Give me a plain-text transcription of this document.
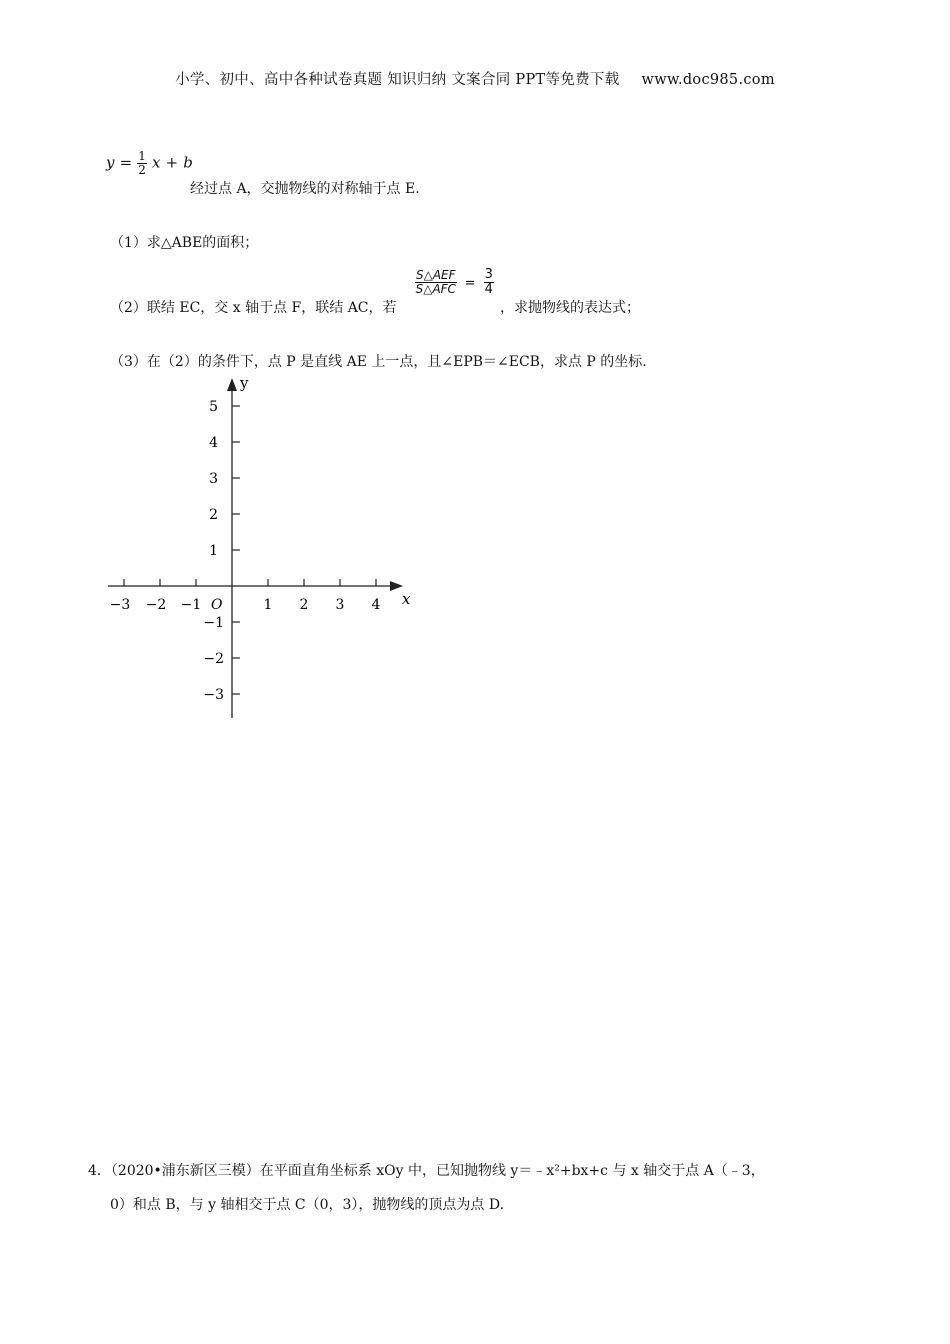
小学、初中、高中各种试卷真题 知识归纳 文案合同 PPT等免费下载 www.doc985.com
$y = \frac{1}{2}$ x + b
经过点 A，交抛物线的对称轴于点 E.
（1）求△ABE的面积；
（2）联结 EC，交 x 轴于点 F，联结 AC，若
$\frac{\text{S△AEF}}{\text{S△AFC}} = \frac{3}{4}$
，求抛物线的表达式；
（3）在（2）的条件下，点 P 是直线 AE 上一点，且∠EPB＝∠ECB，求点 P 的坐标.
x
y
O
−3 −2 −1	1 2 3 4
5
4
3
2
1
−1
−2
−3
4．（2020•浦东新区三模）在平面直角坐标系 xOy 中，已知抛物线 y＝﹣x²+bx+c 与 x 轴交于点 A（﹣3，
0）和点 B，与 y 轴相交于点 C（0，3），抛物线的顶点为点 D.
